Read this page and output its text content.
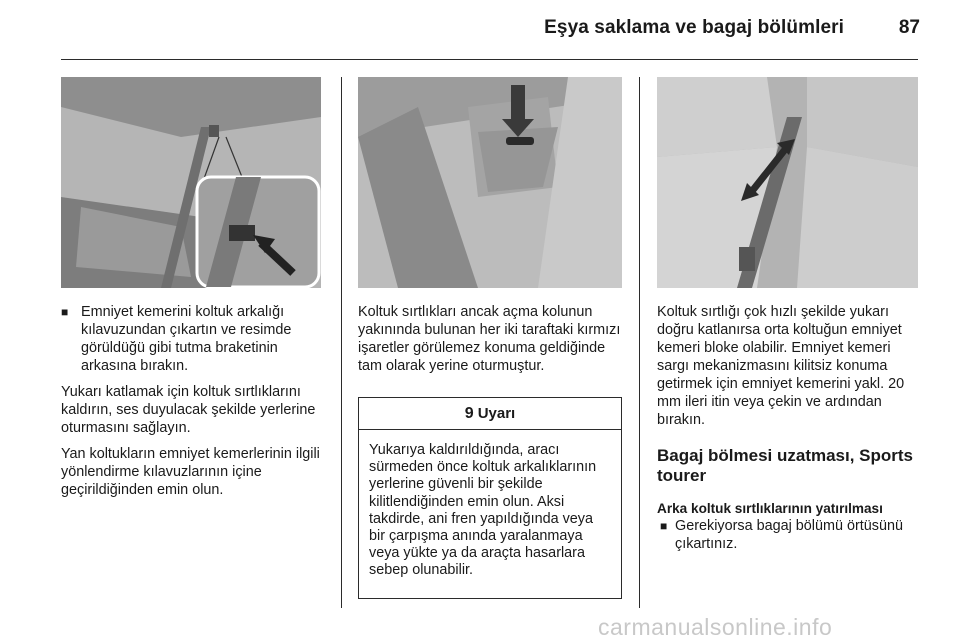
Eşya saklama ve bagaj bölümleri	87

■ Emniyet kemerini koltuk arkalığı kılavuzundan çıkartın ve resimde görüldüğü gibi tutma braketinin arkasına bırakın.

Yukarı katlamak için koltuk sırtlıklarını kaldırın, ses duyulacak şekilde yerlerine oturmasını sağlayın.

Yan koltukların emniyet kemerlerinin ilgili yönlendirme kılavuzlarının içine geçirildiğinden emin olun.

Koltuk sırtlıkları ancak açma kolunun yakınında bulunan her iki taraftaki kırmızı işaretler görülemez konuma geldiğinde tam olarak yerine oturmuştur.

9 Uyarı
Yukarıya kaldırıldığında, aracı sürmeden önce koltuk arkalıklarının yerlerine güvenli bir şekilde kilitlendiğinden emin olun. Aksi takdirde, ani fren yapıldığında veya bir çarpışma anında yaralanmaya veya yükte ya da araçta hasarlara sebep olunabilir.

Koltuk sırtlığı çok hızlı şekilde yukarı doğru katlanırsa orta koltuğun emniyet kemeri bloke olabilir. Emniyet kemeri sargı mekanizmasını kilitsiz konuma getirmek için emniyet kemerini yakl. 20 mm ileri itin veya çekin ve ardından bırakın.

Bagaj bölmesi uzatması, Sports tourer
Arka koltuk sırtlıklarının yatırılması

■ Gerekiyorsa bagaj bölümü örtüsünü çıkartınız.

carmanualsonline.info
